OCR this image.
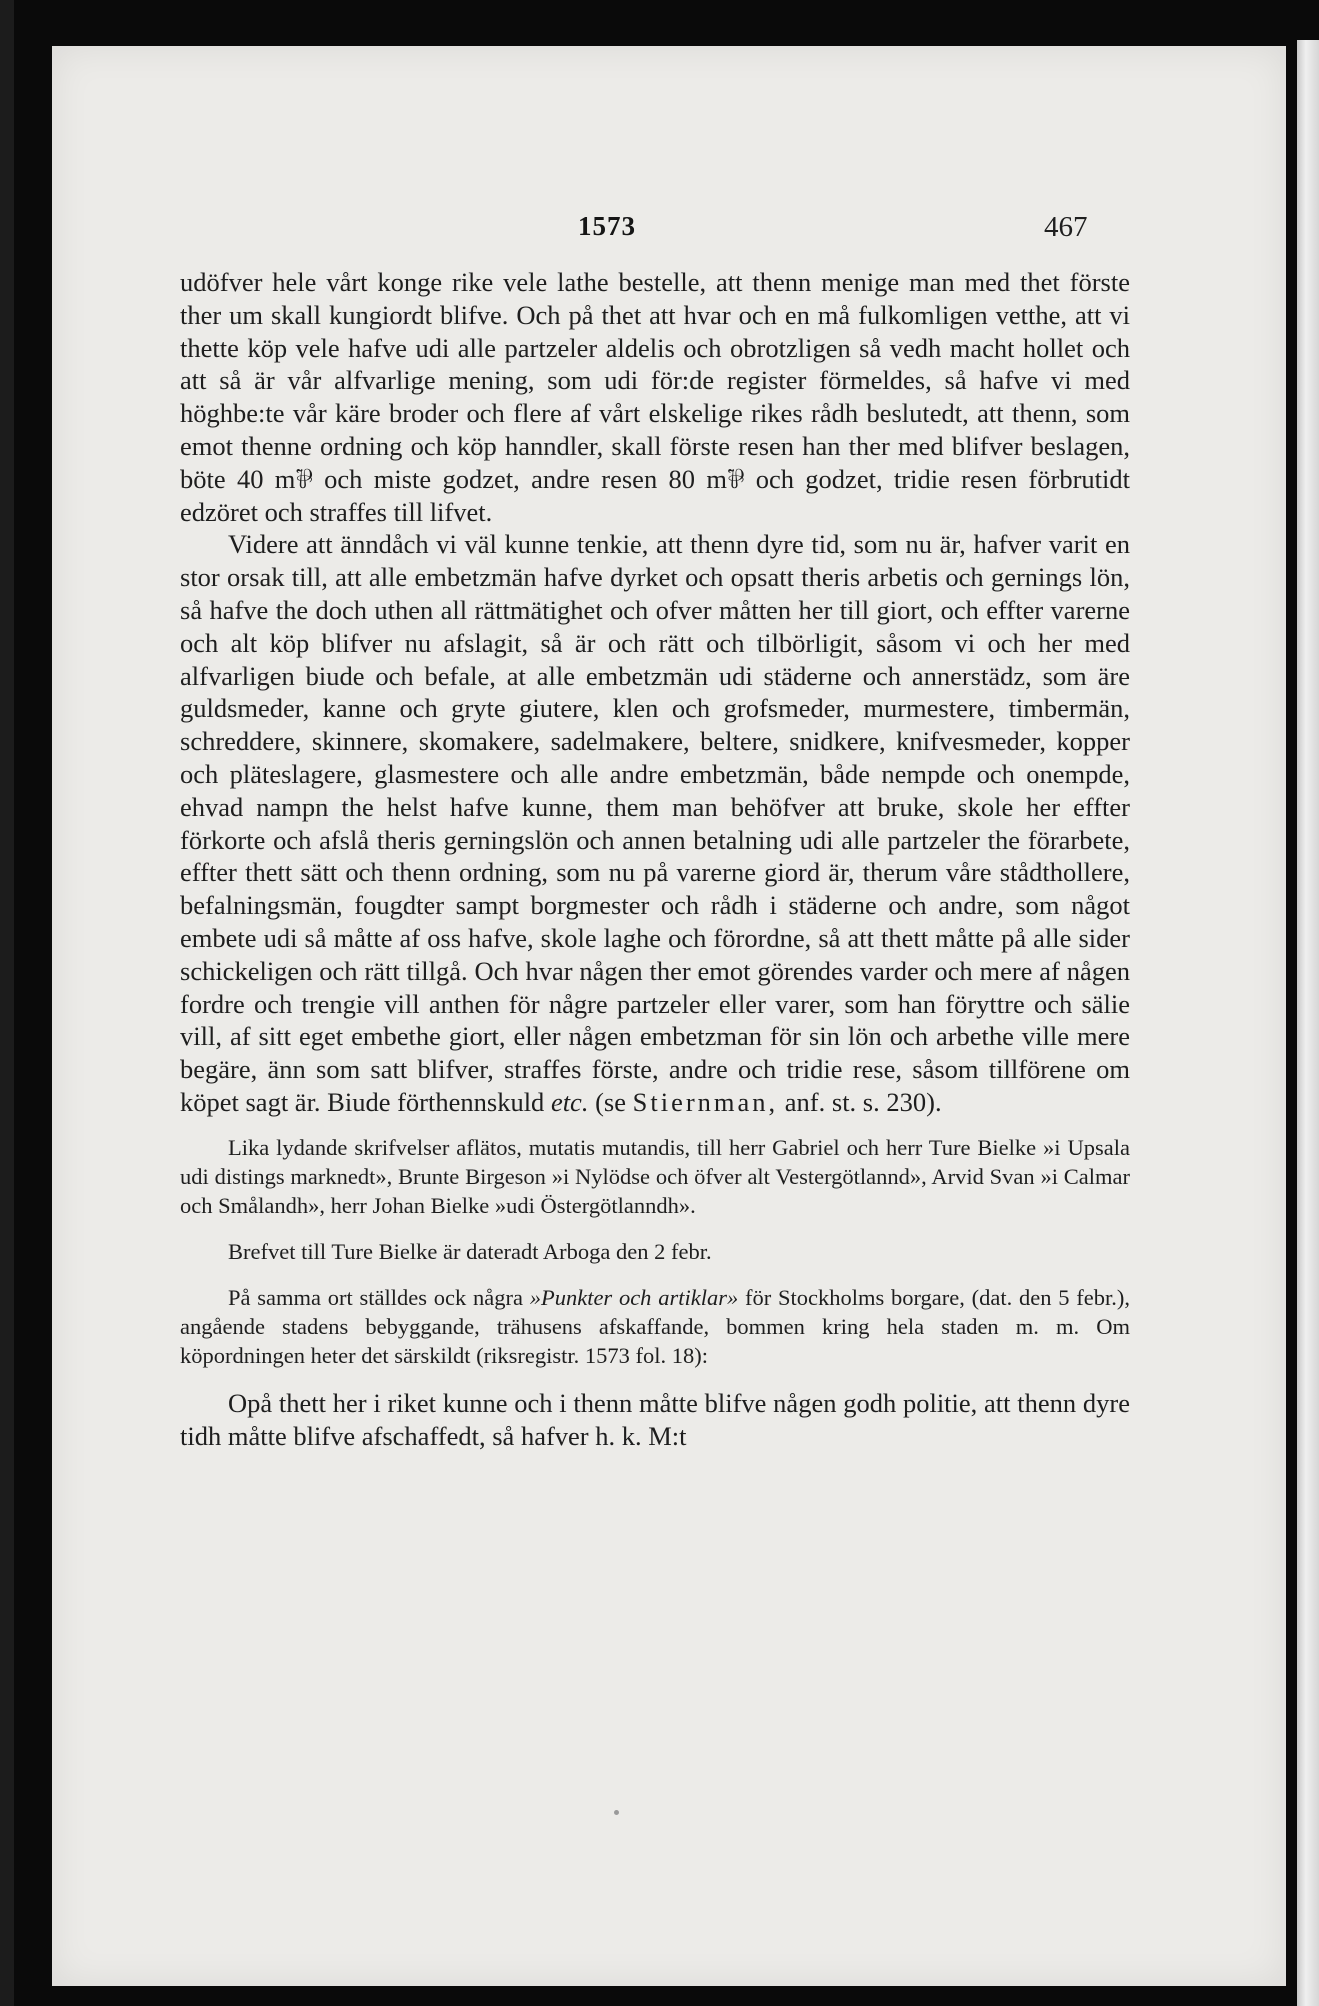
1573	467

udöfver hele vårt konge rike vele lathe bestelle, att thenn menige man med thet förste ther um skall kungiordt blifve. Och på thet att hvar och en må fulkomligen vetthe, att vi thette köp vele hafve udi alle partzeler aldelis och obrotzligen så vedh macht hollet och att så är vår alfvarlige mening, som udi för:de register förmeldes, så hafve vi med höghbe:te vår käre broder och flere af vårt elskelige rikes rådh beslutedt, att thenn, som emot thenne ordning och köp hanndler, skall förste resen han ther med blifver beslagen, böte 40 m⅌ och miste godzet, andre resen 80 m⅌ och godzet, tridie resen förbrutidt edzöret och straffes till lifvet.

Videre att änndåch vi väl kunne tenkie, att thenn dyre tid, som nu är, hafver varit en stor orsak till, att alle embetzmän hafve dyrket och opsatt theris arbetis och gernings lön, så hafve the doch uthen all rättmätighet och ofver måtten her till giort, och effter varerne och alt köp blifver nu afslagit, så är och rätt och tilbörligit, såsom vi och her med alfvarligen biude och befale, at alle embetzmän udi städerne och annerstädz, som äre guldsmeder, kanne och gryte giutere, klen och grofsmeder, murmestere, timbermän, schreddere, skinnere, skomakere, sadelmakere, beltere, snidkere, knifvesmeder, kopper och pläteslagere, glasmestere och alle andre embetzmän, både nempde och onempde, ehvad nampn the helst hafve kunne, them man behöfver att bruke, skole her effter förkorte och afslå theris gerningslön och annen betalning udi alle partzeler the förarbete, effter thett sätt och thenn ordning, som nu på varerne giord är, therum våre stådthollere, befalningsmän, fougdter sampt borgmester och rådh i städerne och andre, som något embete udi så måtte af oss hafve, skole laghe och förordne, så att thett måtte på alle sider schickeligen och rätt tillgå. Och hvar någen ther emot görendes varder och mere af någen fordre och trengie vill anthen för någre partzeler eller varer, som han föryttre och sälie vill, af sitt eget embethe giort, eller någen embetzman för sin lön och arbethe ville mere begäre, änn som satt blifver, straffes förste, andre och tridie rese, såsom tillförene om köpet sagt är. Biude förthennskuld etc. (se Stiernman, anf. st. s. 230).

Lika lydande skrifvelser aflätos, mutatis mutandis, till herr Gabriel och herr Ture Bielke »i Upsala udi distings marknedt», Brunte Birgeson »i Nylödse och öfver alt Vestergötlannd», Arvid Svan »i Calmar och Smålandh», herr Johan Bielke »udi Östergötlanndh».

Brefvet till Ture Bielke är dateradt Arboga den 2 febr.

På samma ort ställdes ock några »Punkter och artiklar» för Stockholms borgare, (dat. den 5 febr.), angående stadens bebyggande, trähusens afskaffande, bommen kring hela staden m. m. Om köpordningen heter det särskildt (riksregistr. 1573 fol. 18):

Opå thett her i riket kunne och i thenn måtte blifve någen godh politie, att thenn dyre tidh måtte blifve afschaffedt, så hafver h. k. M:t
